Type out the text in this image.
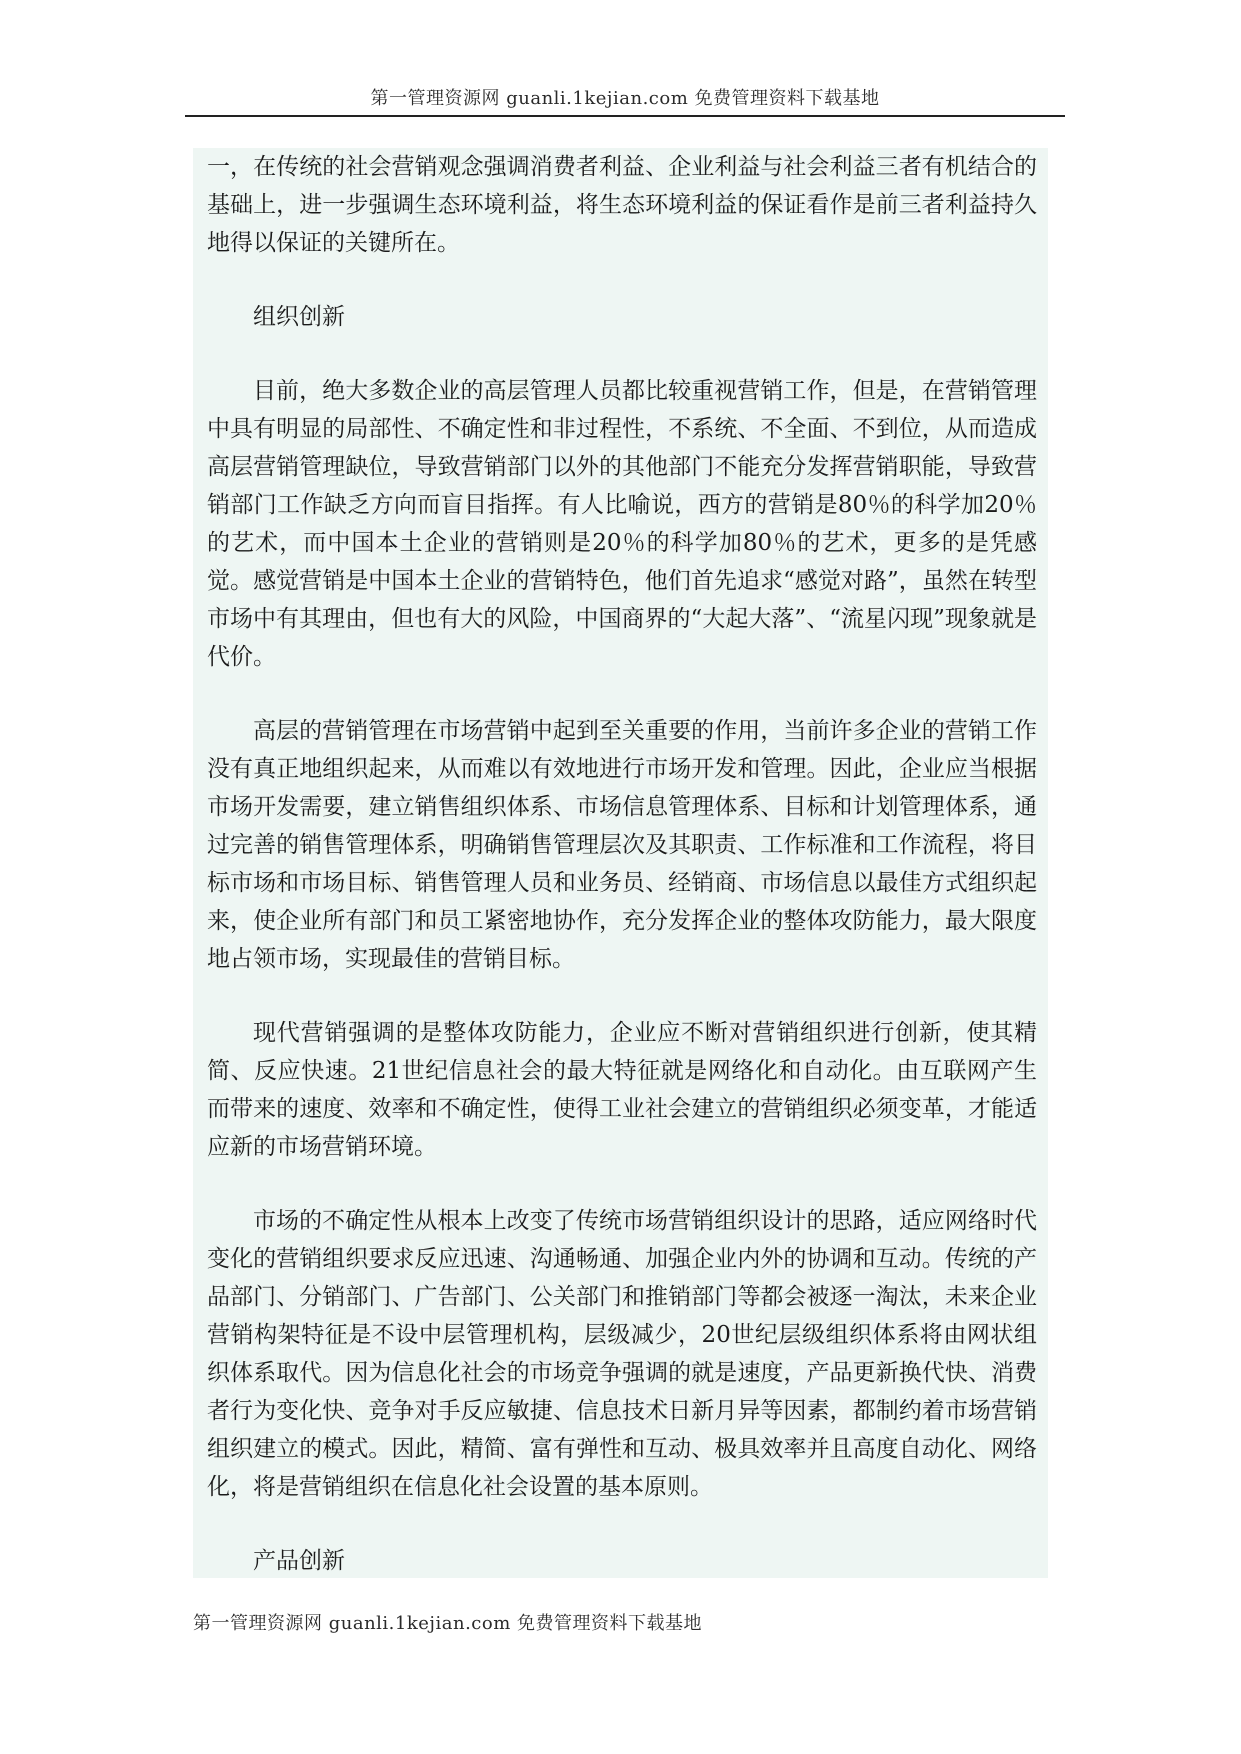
第一管理资源网 guanli.1kejian.com 免费管理资料下载基地

一，在传统的社会营销观念强调消费者利益、企业利益与社会利益三者有机结合的基础上，进一步强调生态环境利益，将生态环境利益的保证看作是前三者利益持久地得以保证的关键所在。

组织创新

目前，绝大多数企业的高层管理人员都比较重视营销工作，但是，在营销管理中具有明显的局部性、不确定性和非过程性，不系统、不全面、不到位，从而造成高层营销管理缺位，导致营销部门以外的其他部门不能充分发挥营销职能，导致营销部门工作缺乏方向而盲目指挥。有人比喻说，西方的营销是80％的科学加20％的艺术，而中国本土企业的营销则是20％的科学加80％的艺术，更多的是凭感觉。感觉营销是中国本土企业的营销特色，他们首先追求“感觉对路”，虽然在转型市场中有其理由，但也有大的风险，中国商界的“大起大落”、“流星闪现”现象就是代价。

高层的营销管理在市场营销中起到至关重要的作用，当前许多企业的营销工作没有真正地组织起来，从而难以有效地进行市场开发和管理。因此，企业应当根据市场开发需要，建立销售组织体系、市场信息管理体系、目标和计划管理体系，通过完善的销售管理体系，明确销售管理层次及其职责、工作标准和工作流程，将目标市场和市场目标、销售管理人员和业务员、经销商、市场信息以最佳方式组织起来，使企业所有部门和员工紧密地协作，充分发挥企业的整体攻防能力，最大限度地占领市场，实现最佳的营销目标。

现代营销强调的是整体攻防能力，企业应不断对营销组织进行创新，使其精简、反应快速。21世纪信息社会的最大特征就是网络化和自动化。由互联网产生而带来的速度、效率和不确定性，使得工业社会建立的营销组织必须变革，才能适应新的市场营销环境。

市场的不确定性从根本上改变了传统市场营销组织设计的思路，适应网络时代变化的营销组织要求反应迅速、沟通畅通、加强企业内外的协调和互动。传统的产品部门、分销部门、广告部门、公关部门和推销部门等都会被逐一淘汰，未来企业营销构架特征是不设中层管理机构，层级减少，20世纪层级组织体系将由网状组织体系取代。因为信息化社会的市场竞争强调的就是速度，产品更新换代快、消费者行为变化快、竞争对手反应敏捷、信息技术日新月异等因素，都制约着市场营销组织建立的模式。因此，精简、富有弹性和互动、极具效率并且高度自动化、网络化，将是营销组织在信息化社会设置的基本原则。

产品创新

第一管理资源网 guanli.1kejian.com 免费管理资料下载基地
